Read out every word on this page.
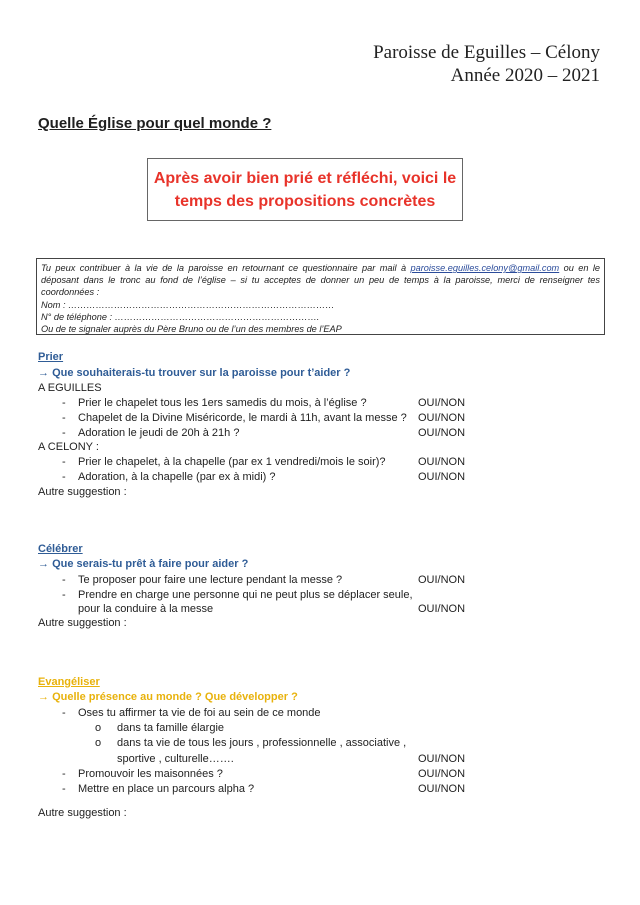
Paroisse de Eguilles – Célony
Année 2020 – 2021
Quelle Église pour quel monde ?
Après avoir bien prié et réfléchi, voici le
temps des propositions concrètes
Tu peux contribuer à la vie de la paroisse en retournant ce questionnaire par mail à paroisse.eguilles.celony@gmail.com ou en le déposant dans le tronc au fond de l’église – si tu acceptes de donner un peu de temps à la paroisse, merci de renseigner tes coordonnées :
Nom : ……………………………………………………………………………
N° de téléphone : ………………………………………………………….
Ou de te signaler auprès du Père Bruno ou de l’un des membres de l’EAP
Prier
→ Que souhaiterais-tu trouver sur la paroisse pour t’aider ?
A EGUILLES
- Prier le chapelet tous les 1ers samedis du mois, à l’église ?	OUI/NON
- Chapelet de la Divine Miséricorde, le mardi à 11h, avant la messe ? OUI/NON
- Adoration le jeudi de 20h à 21h ?	OUI/NON
A CELONY :
- Prier le chapelet, à la chapelle (par ex 1 vendredi/mois le soir)?	OUI/NON
- Adoration, à la chapelle (par ex à midi) ?	OUI/NON
Autre suggestion :
Célébrer
→ Que serais-tu prêt à faire pour aider ?
- Te proposer pour faire une lecture pendant la messe ?	OUI/NON
- Prendre en charge une personne qui ne peut plus se déplacer seule,
pour la conduire à la messe	OUI/NON
Autre suggestion :
Evangéliser
→ Quelle présence au monde ? Que développer ?
- Oses tu affirmer ta vie de foi au sein de ce monde
o dans ta famille élargie
o dans ta vie de tous les jours , professionnelle , associative ,
sportive , culturelle…….	OUI/NON
- Promouvoir les maisonnées ?	OUI/NON
- Mettre en place un parcours alpha ?	OUI/NON
Autre suggestion :
